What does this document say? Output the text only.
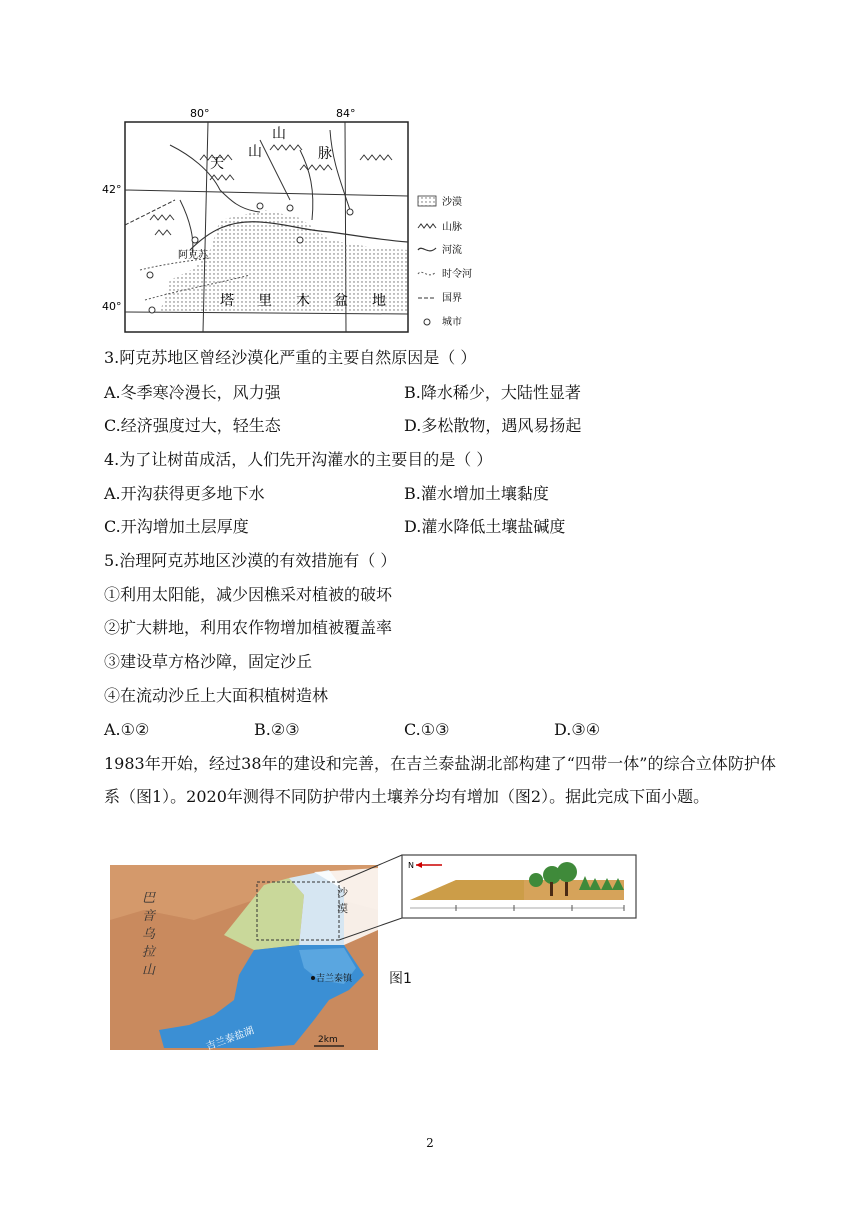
80°	84°
42°
40°
山
天
山	脉
阿克苏
塔 里 木 盆 地
沙漠
山脉
河流
时令河
国界
城市
3.阿克苏地区曾经沙漠化严重的主要自然原因是（ ）
A.冬季寒冷漫长，风力强	B.降水稀少，大陆性显著
C.经济强度过大，轻生态	D.多松散物，遇风易扬起
4.为了让树苗成活，人们先开沟灌水的主要目的是（ ）
A.开沟获得更多地下水	B.灌水增加土壤黏度
C.开沟增加土层厚度	D.灌水降低土壤盐碱度
5.治理阿克苏地区沙漠的有效措施有（ ）
①利用太阳能，减少因樵采对植被的破坏
②扩大耕地，利用农作物增加植被覆盖率
③建设草方格沙障，固定沙丘
④在流动沙丘上大面积植树造林
A.①②	B.②③	C.①③	D.③④
1983年开始，经过38年的建设和完善，在吉兰泰盐湖北部构建了“四带一体”的综合立体防护体系（图1）。2020年测得不同防护带内土壤养分均有增加（图2）。据此完成下面小题。
N
巴
音
乌
拉
山
沙
漠
吉兰泰镇
吉兰泰盐湖	2km
图1
2
